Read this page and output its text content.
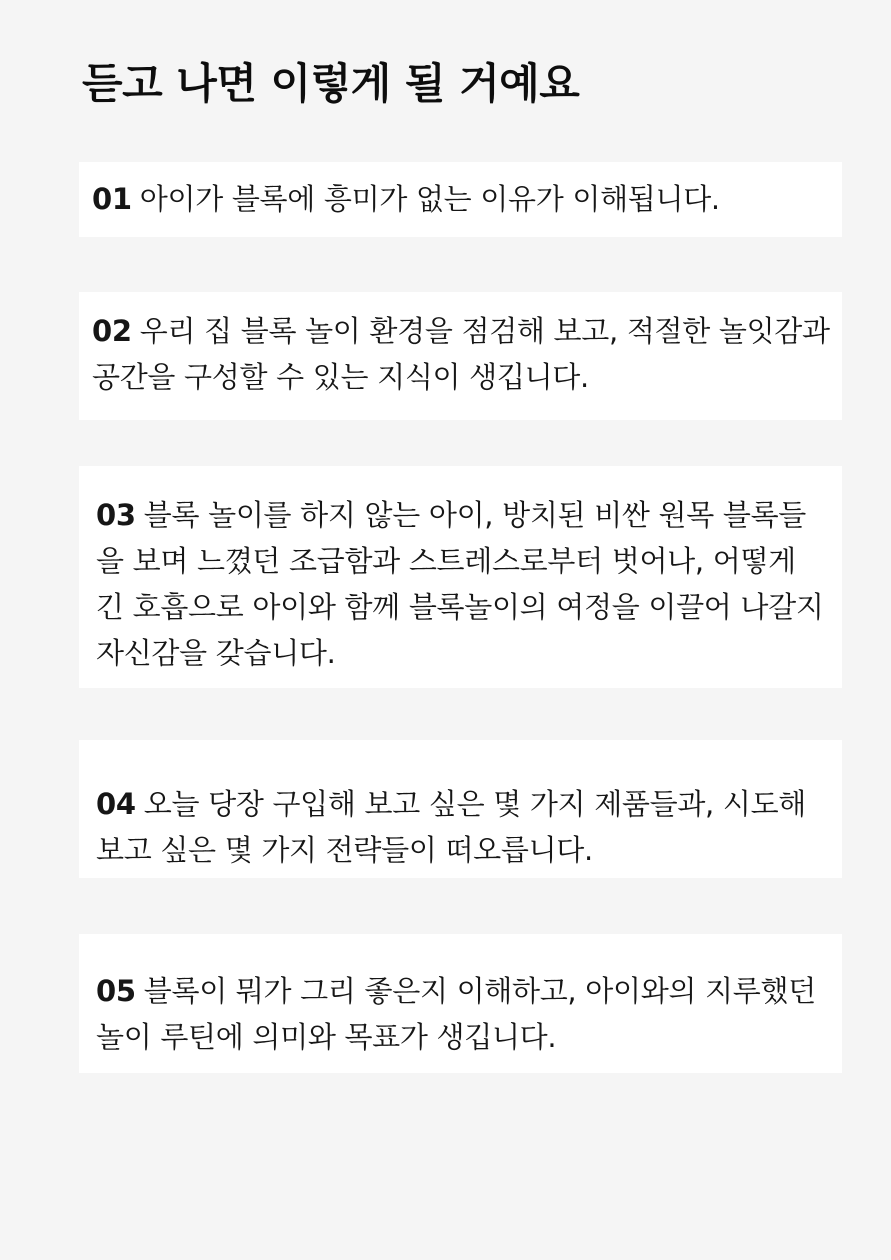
듣고 나면 이렇게 될 거예요

01 아이가 블록에 흥미가 없는 이유가 이해됩니다.

02 우리 집 블록 놀이 환경을 점검해 보고, 적절한 놀잇감과 공간을 구성할 수 있는 지식이 생깁니다.

03 블록 놀이를 하지 않는 아이, 방치된 비싼 원목 블록들을 보며 느꼈던 조급함과 스트레스로부터 벗어나, 어떻게 긴 호흡으로 아이와 함께 블록놀이의 여정을 이끌어 나갈지 자신감을 갖습니다.

04 오늘 당장 구입해 보고 싶은 몇 가지 제품들과, 시도해 보고 싶은 몇 가지 전략들이 떠오릅니다.

05 블록이 뭐가 그리 좋은지 이해하고, 아이와의 지루했던 놀이 루틴에 의미와 목표가 생깁니다.
